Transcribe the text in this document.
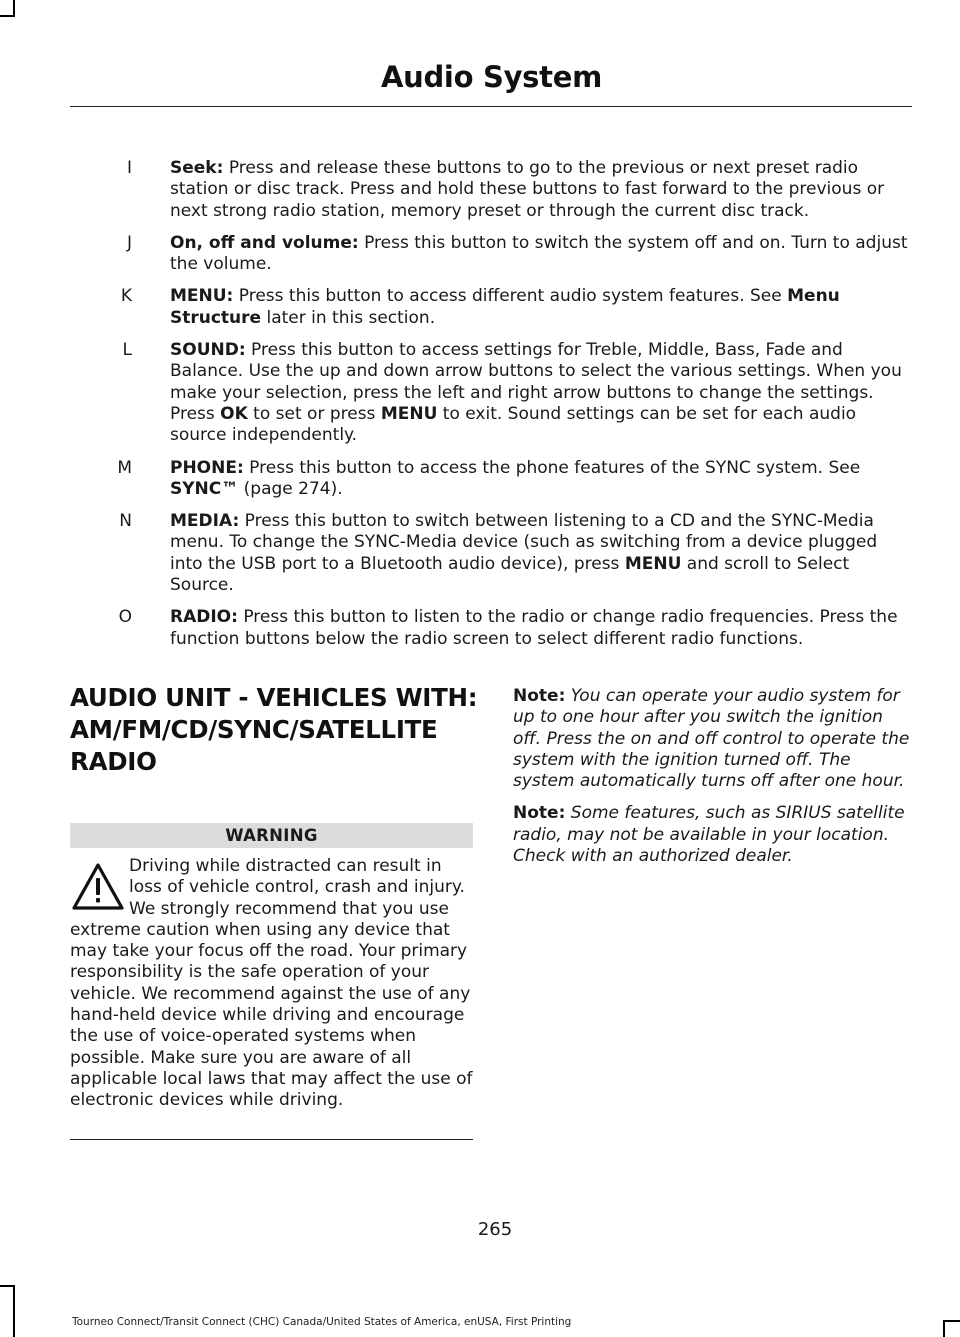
Audio System
I Seek: Press and release these buttons to go to the previous or next preset radio station or disc track. Press and hold these buttons to fast forward to the previous or next strong radio station, memory preset or through the current disc track.
J On, off and volume: Press this button to switch the system off and on. Turn to adjust the volume.
K MENU: Press this button to access different audio system features. See Menu Structure later in this section.
L SOUND: Press this button to access settings for Treble, Middle, Bass, Fade and Balance. Use the up and down arrow buttons to select the various settings. When you make your selection, press the left and right arrow buttons to change the settings. Press OK to set or press MENU to exit. Sound settings can be set for each audio source independently.
M PHONE: Press this button to access the phone features of the SYNC system. See SYNC™ (page 274).
N MEDIA: Press this button to switch between listening to a CD and the SYNC-Media menu. To change the SYNC-Media device (such as switching from a device plugged into the USB port to a Bluetooth audio device), press MENU and scroll to Select Source.
O RADIO: Press this button to listen to the radio or change radio frequencies. Press the function buttons below the radio screen to select different radio functions.
AUDIO UNIT - VEHICLES WITH:
AM/FM/CD/SYNC/SATELLITE
RADIO
WARNING
Driving while distracted can result in loss of vehicle control, crash and injury. We strongly recommend that you use extreme caution when using any device that may take your focus off the road. Your primary responsibility is the safe operation of your vehicle. We recommend against the use of any hand-held device while driving and encourage the use of voice-operated systems when possible. Make sure you are aware of all applicable local laws that may affect the use of electronic devices while driving.
Note: You can operate your audio system for up to one hour after you switch the ignition off. Press the on and off control to operate the system with the ignition turned off. The system automatically turns off after one hour.
Note: Some features, such as SIRIUS satellite radio, may not be available in your location. Check with an authorized dealer.
265
Tourneo Connect/Transit Connect (CHC) Canada/United States of America, enUSA, First Printing
